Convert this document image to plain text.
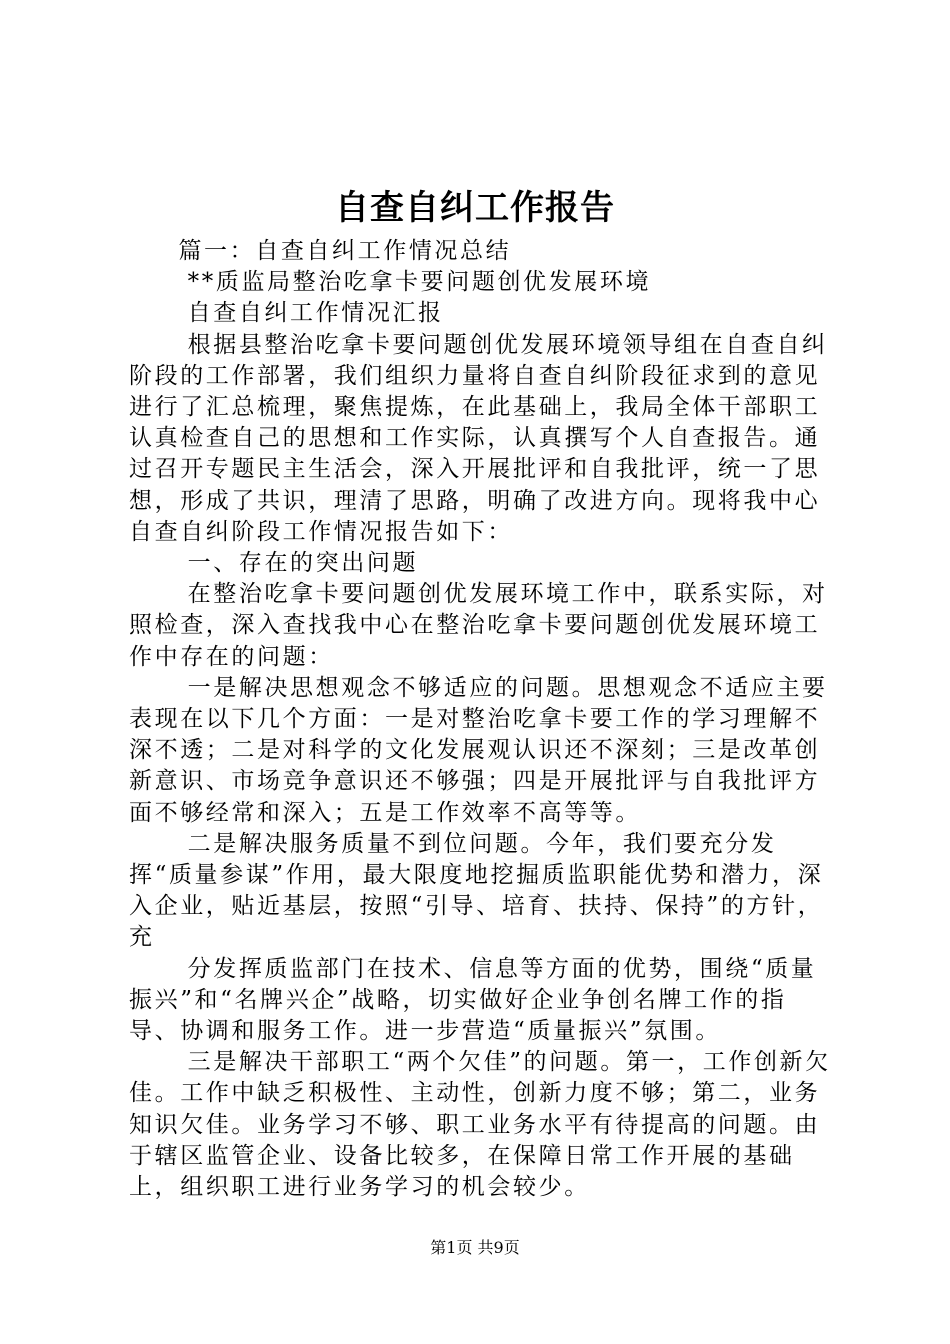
自查自纠工作报告

篇一：自查自纠工作情况总结

**质监局整治吃拿卡要问题创优发展环境

自查自纠工作情况汇报

根据县整治吃拿卡要问题创优发展环境领导组在自查自纠阶段的工作部署，我们组织力量将自查自纠阶段征求到的意见进行了汇总梳理，聚焦提炼，在此基础上，我局全体干部职工认真检查自己的思想和工作实际，认真撰写个人自查报告。通过召开专题民主生活会，深入开展批评和自我批评，统一了思想，形成了共识，理清了思路，明确了改进方向。现将我中心自查自纠阶段工作情况报告如下：

一、存在的突出问题

在整治吃拿卡要问题创优发展环境工作中，联系实际，对照检查，深入查找我中心在整治吃拿卡要问题创优发展环境工作中存在的问题：

一是解决思想观念不够适应的问题。思想观念不适应主要表现在以下几个方面：一是对整治吃拿卡要工作的学习理解不深不透；二是对科学的文化发展观认识还不深刻；三是改革创新意识、市场竞争意识还不够强；四是开展批评与自我批评方面不够经常和深入；五是工作效率不高等等。

二是解决服务质量不到位问题。今年，我们要充分发挥“质量参谋”作用，最大限度地挖掘质监职能优势和潜力，深入企业，贴近基层，按照“引导、培育、扶持、保持”的方针，充

分发挥质监部门在技术、信息等方面的优势，围绕“质量振兴”和“名牌兴企”战略，切实做好企业争创名牌工作的指导、协调和服务工作。进一步营造“质量振兴”氛围。

三是解决干部职工“两个欠佳”的问题。第一，工作创新欠佳。工作中缺乏积极性、主动性，创新力度不够；第二，业务知识欠佳。业务学习不够、职工业务水平有待提高的问题。由于辖区监管企业、设备比较多，在保障日常工作开展的基础上，组织职工进行业务学习的机会较少。

第1页 共9页
